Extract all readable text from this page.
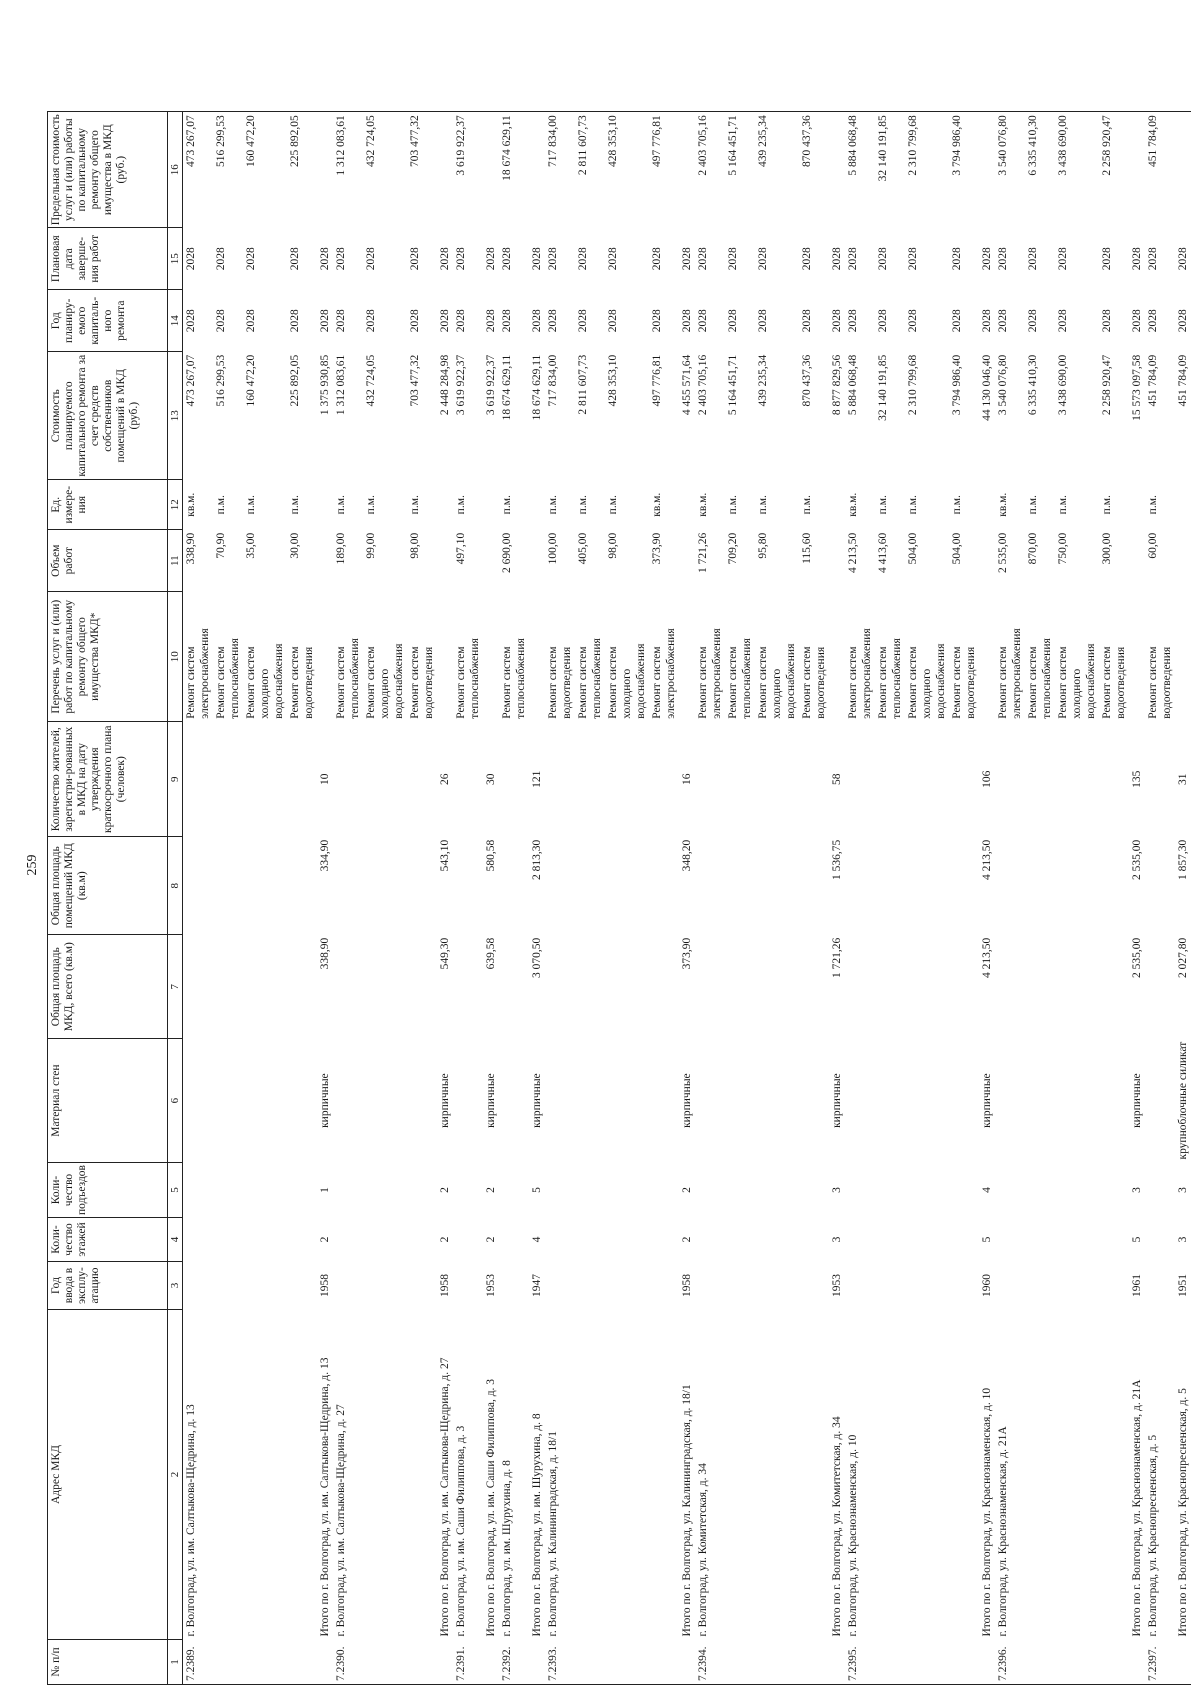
259
№ п/п	Адрес МКД	Год ввода в эксплу-атацию	Коли-чество этажей	Коли-чество подъездов	Материал стен	Общая площадь МКД, всего (кв.м)	Общая площадь помещений МКД (кв.м)	Количество жителей, зарегистри-рованных в МКД на дату утверждения краткосрочного плана (человек)	Перечень услуг и (или) работ по капитальному ремонту общего имущества МКД*	Объем работ	Ед. измере-ния	Стоимость планируемого капитального ремонта за счет средств собственников помещений в МКД (руб.)	Год планиру-емого капиталь-ного ремонта	Плановая дата заверше-ния работ	Предельная стоимость услуг и (или) работы по капитальному ремонту общего имущества в МКД (руб.)
1	2	3	4	5	6	7	8	9	10	11	12	13	14	15	16
7.2389.	г. Волгоград, ул. им. Салтыкова-Щедрина, д. 13								Ремонт систем электроснабжения	338,90	кв.м.	473 267,07	2028	2028	473 267,07
									Ремонт систем теплоснабжения	70,90	п.м.	516 299,53	2028	2028	516 299,53
									Ремонт систем холодного водоснабжения	35,00	п.м.	160 472,20	2028	2028	160 472,20
									Ремонт систем водоотведения	30,00	п.м.	225 892,05	2028	2028	225 892,05
	Итого по г. Волгоград, ул. им. Салтыкова-Щедрина, д. 13	1958	2	1	кирпичные	338,90	334,90	10				1 375 930,85	2028	2028	
7.2390.	г. Волгоград, ул. им. Салтыкова-Щедрина, д. 27								Ремонт систем теплоснабжения	189,00	п.м.	1 312 083,61	2028	2028	1 312 083,61
									Ремонт систем холодного водоснабжения	99,00	п.м.	432 724,05	2028	2028	432 724,05
									Ремонт систем водоотведения	98,00	п.м.	703 477,32	2028	2028	703 477,32
	Итого по г. Волгоград, ул. им. Салтыкова-Щедрина, д. 27	1958	2	2	кирпичные	549,30	543,10	26				2 448 284,98	2028	2028	
7.2391.	г. Волгоград, ул. им. Саши Филиппова, д. 3								Ремонт систем теплоснабжения	497,10	п.м.	3 619 922,37	2028	2028	3 619 922,37
	Итого по г. Волгоград, ул. им. Саши Филиппова, д. 3	1953	2	2	кирпичные	639,58	580,58	30				3 619 922,37	2028	2028	
7.2392.	г. Волгоград, ул. им. Шурухина, д. 8								Ремонт систем теплоснабжения	2 690,00	п.м.	18 674 629,11	2028	2028	18 674 629,11
	Итого по г. Волгоград, ул. им. Шурухина, д. 8	1947	4	5	кирпичные	3 070,50	2 813,30	121				18 674 629,11	2028	2028	
7.2393.	г. Волгоград, ул. Калининградская, д. 18/1								Ремонт систем водоотведения	100,00	п.м.	717 834,00	2028	2028	717 834,00
									Ремонт систем теплоснабжения	405,00	п.м.	2 811 607,73	2028	2028	2 811 607,73
									Ремонт систем холодного водоснабжения	98,00	п.м.	428 353,10	2028	2028	428 353,10
									Ремонт систем электроснабжения	373,90	кв.м.	497 776,81	2028	2028	497 776,81
	Итого по г. Волгоград, ул. Калининградская, д. 18/1	1958	2	2	кирпичные	373,90	348,20	16				4 455 571,64	2028	2028	
7.2394.	г. Волгоград, ул. Комитетская, д. 34								Ремонт систем электроснабжения	1 721,26	кв.м.	2 403 705,16	2028	2028	2 403 705,16
									Ремонт систем теплоснабжения	709,20	п.м.	5 164 451,71	2028	2028	5 164 451,71
									Ремонт систем холодного водоснабжения	95,80	п.м.	439 235,34	2028	2028	439 235,34
									Ремонт систем водоотведения	115,60	п.м.	870 437,36	2028	2028	870 437,36
	Итого по г. Волгоград, ул. Комитетская, д. 34	1953	3	3	кирпичные	1 721,26	1 536,75	58				8 877 829,56	2028	2028	
7.2395.	г. Волгоград, ул. Краснознаменская, д. 10								Ремонт систем электроснабжения	4 213,50	кв.м.	5 884 068,48	2028	2028	5 884 068,48
									Ремонт систем теплоснабжения	4 413,60	п.м.	32 140 191,85	2028	2028	32 140 191,85
									Ремонт систем холодного водоснабжения	504,00	п.м.	2 310 799,68	2028	2028	2 310 799,68
									Ремонт систем водоотведения	504,00	п.м.	3 794 986,40	2028	2028	3 794 986,40
	Итого по г. Волгоград, ул. Краснознаменская, д. 10	1960	5	4	кирпичные	4 213,50	4 213,50	106				44 130 046,40	2028	2028	
7.2396.	г. Волгоград, ул. Краснознаменская, д. 21А								Ремонт систем электроснабжения	2 535,00	кв.м.	3 540 076,80	2028	2028	3 540 076,80
									Ремонт систем теплоснабжения	870,00	п.м.	6 335 410,30	2028	2028	6 335 410,30
									Ремонт систем холодного водоснабжения	750,00	п.м.	3 438 690,00	2028	2028	3 438 690,00
									Ремонт систем водоотведения	300,00	п.м.	2 258 920,47	2028	2028	2 258 920,47
	Итого по г. Волгоград, ул. Краснознаменская, д. 21А	1961	5	3	кирпичные	2 535,00	2 535,00	135				15 573 097,58	2028	2028	
7.2397.	г. Волгоград, ул. Краснопресненская, д. 5								Ремонт систем водоотведения	60,00	п.м.	451 784,09	2028	2028	451 784,09
	Итого по г. Волгоград, ул. Краснопресненская, д. 5	1951	3	3	крупноблочные силикат	2 027,80	1 857,30	31				451 784,09	2028	2028	
